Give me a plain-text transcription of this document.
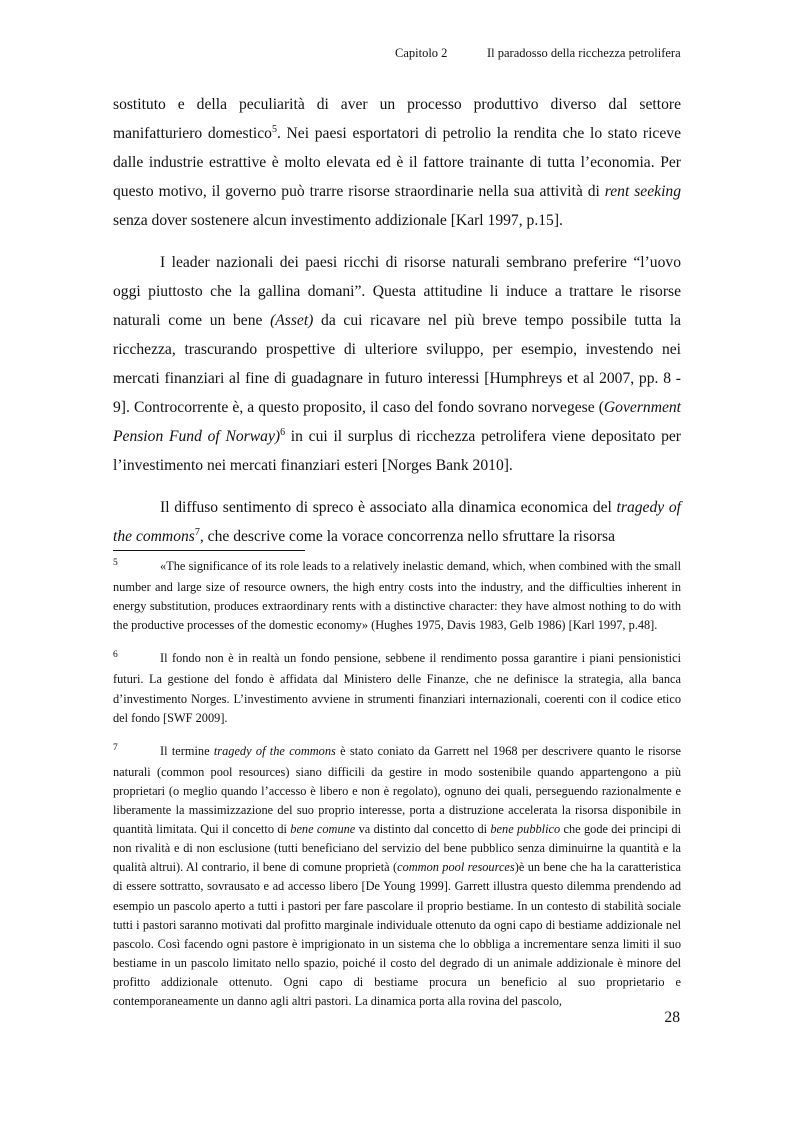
Capitolo 2	Il paradosso della ricchezza petrolifera

sostituto e della peculiarità di aver un processo produttivo diverso dal settore manifatturiero domestico$^5$. Nei paesi esportatori di petrolio la rendita che lo stato riceve dalle industrie estrattive è molto elevata ed è il fattore trainante di tutta l’economia. Per questo motivo, il governo può trarre risorse straordinarie nella sua attività di rent seeking senza dover sostenere alcun investimento addizionale [Karl 1997, p.15].

I leader nazionali dei paesi ricchi di risorse naturali sembrano preferire “l’uovo oggi piuttosto che la gallina domani”. Questa attitudine li induce a trattare le risorse naturali come un bene (Asset) da cui ricavare nel più breve tempo possibile tutta la ricchezza, trascurando prospettive di ulteriore sviluppo, per esempio, investendo nei mercati finanziari al fine di guadagnare in futuro interessi [Humphreys et al 2007, pp. 8 - 9]. Controcorrente è, a questo proposito, il caso del fondo sovrano norvegese (Government Pension Fund of Norway)$^6$ in cui il surplus di ricchezza petrolifera viene depositato per l’investimento nei mercati finanziari esteri [Norges Bank 2010].

Il diffuso sentimento di spreco è associato alla dinamica economica del tragedy of the commons$^7$, che descrive come la vorace concorrenza nello sfruttare la risorsa

5	«The significance of its role leads to a relatively inelastic demand, which, when combined with the small number and large size of resource owners, the high entry costs into the industry, and the difficulties inherent in energy substitution, produces extraordinary rents with a distinctive character: they have almost nothing to do with the productive processes of the domestic economy» (Hughes 1975, Davis 1983, Gelb 1986) [Karl 1997, p.48].

6	Il fondo non è in realtà un fondo pensione, sebbene il rendimento possa garantire i piani pensionistici futuri. La gestione del fondo è affidata dal Ministero delle Finanze, che ne definisce la strategia, alla banca d’investimento Norges. L’investimento avviene in strumenti finanziari internazionali, coerenti con il codice etico del fondo [SWF 2009].

7	Il termine tragedy of the commons è stato coniato da Garrett nel 1968 per descrivere quanto le risorse naturali (common pool resources) siano difficili da gestire in modo sostenibile quando appartengono a più proprietari (o meglio quando l’accesso è libero e non è regolato), ognuno dei quali, perseguendo razionalmente e liberamente la massimizzazione del suo proprio interesse, porta a distruzione accelerata la risorsa disponibile in quantità limitata. Qui il concetto di bene comune va distinto dal concetto di bene pubblico che gode dei principi di non rivalità e di non esclusione (tutti beneficiano del servizio del bene pubblico senza diminuirne la quantità e la qualità altrui). Al contrario, il bene di comune proprietà (common pool resources)è un bene che ha la caratteristica di essere sottratto, sovrausato e ad accesso libero [De Young 1999]. Garrett illustra questo dilemma prendendo ad esempio un pascolo aperto a tutti i pastori per fare pascolare il proprio bestiame. In un contesto di stabilità sociale tutti i pastori saranno motivati dal profitto marginale individuale ottenuto da ogni capo di bestiame addizionale nel pascolo. Così facendo ogni pastore è imprigionato in un sistema che lo obbliga a incrementare senza limiti il suo bestiame in un pascolo limitato nello spazio, poiché il costo del degrado di un animale addizionale è minore del profitto addizionale ottenuto. Ogni capo di bestiame procura un beneficio al suo proprietario e contemporaneamente un danno agli altri pastori. La dinamica porta alla rovina del pascolo,

28
